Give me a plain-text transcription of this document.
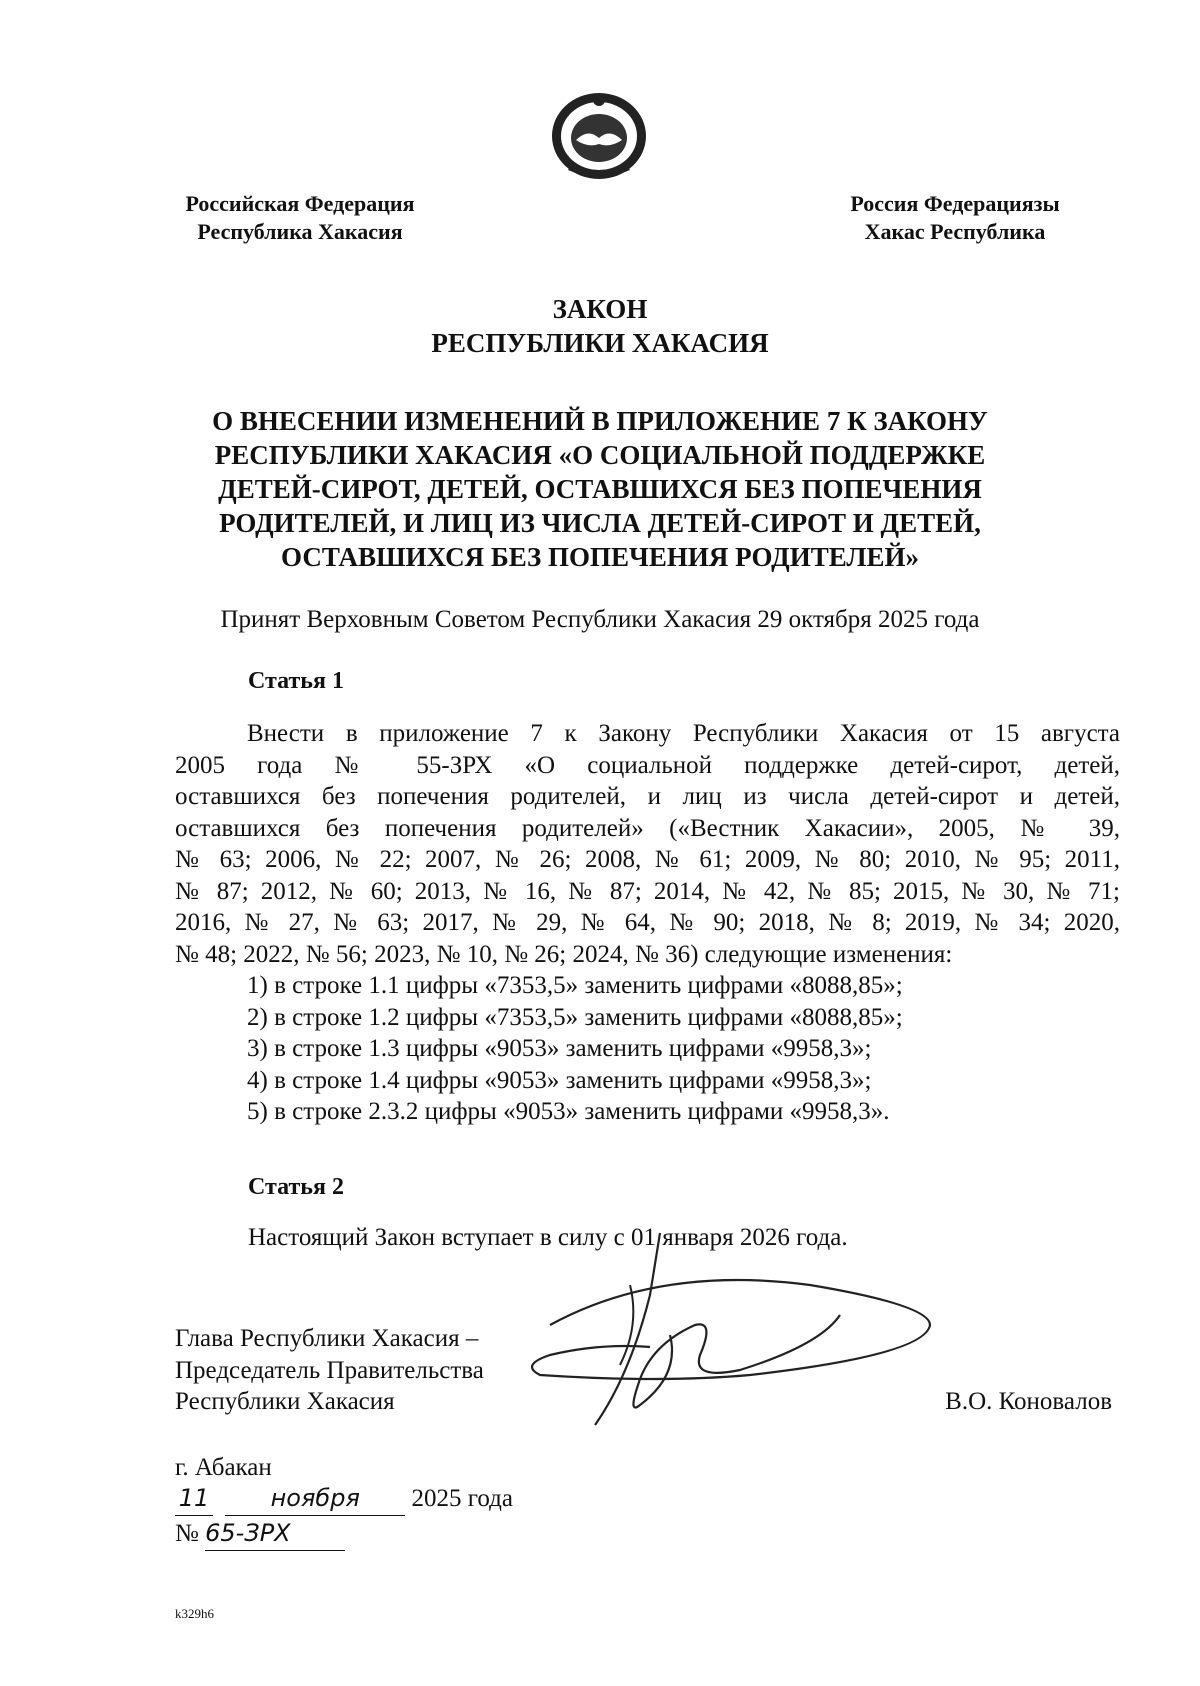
Российская Федерация
Республика Хакасия
Россия Федерациязы
Хакас Республика
ЗАКОН
РЕСПУБЛИКИ ХАКАСИЯ
О ВНЕСЕНИИ ИЗМЕНЕНИЙ В ПРИЛОЖЕНИЕ 7 К ЗАКОНУ
РЕСПУБЛИКИ ХАКАСИЯ «О СОЦИАЛЬНОЙ ПОДДЕРЖКЕ
ДЕТЕЙ-СИРОТ, ДЕТЕЙ, ОСТАВШИХСЯ БЕЗ ПОПЕЧЕНИЯ
РОДИТЕЛЕЙ, И ЛИЦ ИЗ ЧИСЛА ДЕТЕЙ-СИРОТ И ДЕТЕЙ,
ОСТАВШИХСЯ БЕЗ ПОПЕЧЕНИЯ РОДИТЕЛЕЙ»
Принят Верховным Советом Республики Хакасия 29 октября 2025 года
Статья 1
Внести в приложение 7 к Закону Республики Хакасия от 15 августа
2005 года № 55-ЗРХ «О социальной поддержке детей-сирот, детей,
оставшихся без попечения родителей, и лиц из числа детей-сирот и детей,
оставшихся без попечения родителей» («Вестник Хакасии», 2005, № 39,
№ 63; 2006, № 22; 2007, № 26; 2008, № 61; 2009, № 80; 2010, № 95; 2011,
№ 87; 2012, № 60; 2013, № 16, № 87; 2014, № 42, № 85; 2015, № 30, № 71;
2016, № 27, № 63; 2017, № 29, № 64, № 90; 2018, № 8; 2019, № 34; 2020,
№ 48; 2022, № 56; 2023, № 10, № 26; 2024, № 36) следующие изменения:
1) в строке 1.1 цифры «7353,5» заменить цифрами «8088,85»;
2) в строке 1.2 цифры «7353,5» заменить цифрами «8088,85»;
3) в строке 1.3 цифры «9053» заменить цифрами «9958,3»;
4) в строке 1.4 цифры «9053» заменить цифрами «9958,3»;
5) в строке 2.3.2 цифры «9053» заменить цифрами «9958,3».
Статья 2
Настоящий Закон вступает в силу с 01 января 2026 года.
Глава Республики Хакасия –
Председатель Правительства
Республики Хакасия	В.О. Коновалов
г. Абакан
11	ноября 2025 года
№ 65-ЗРХ
k329h6
